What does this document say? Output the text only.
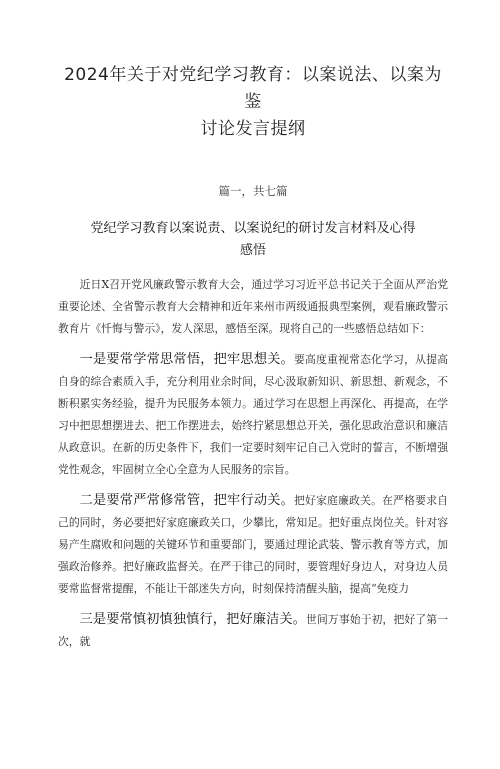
2024年关于对党纪学习教育：以案说法、以案为鉴
讨论发言提纲
篇一，共七篇
党纪学习教育以案说责、以案说纪的研讨发言材料及心得
感悟

近日X召开党风廉政警示教育大会，通过学习习近平总书记关于全面从严治党重要论述、全省警示教育大会精神和近年来州市两级通报典型案例，观看廉政警示教育片《忏悔与警示》，发人深思，感悟至深。现将自己的一些感悟总结如下：

一是要常学常思常悟，把牢思想关。要高度重视常态化学习，从提高自身的综合素质入手，充分利用业余时间，尽心汲取新知识、新思想、新观念，不断积累实务经验，提升为民服务本领力。通过学习在思想上再深化、再提高，在学习中把思想摆进去、把工作摆进去，始终拧紧思想总开关，强化思政治意识和廉洁从政意识。在新的历史条件下，我们一定要时刻牢记自己入党时的誓言，不断增强党性观念，牢固树立全心全意为人民服务的宗旨。

二是要常严常修常管，把牢行动关。把好家庭廉政关。在严格要求自己的同时，务必要把好家庭廉政关口，少攀比，常知足。把好重点岗位关。针对容易产生腐败和问题的关键环节和重要部门，要通过理论武装、警示教育等方式，加强政治修养。把好廉政监督关。在严于律己的同时，要管理好身边人，对身边人员要常监督常提醒，不能让干部迷失方向，时刻保持清醒头脑，提高“免疫力

三是要常慎初慎独慎行，把好廉洁关。世间万事始于初，把好了第一次，就
